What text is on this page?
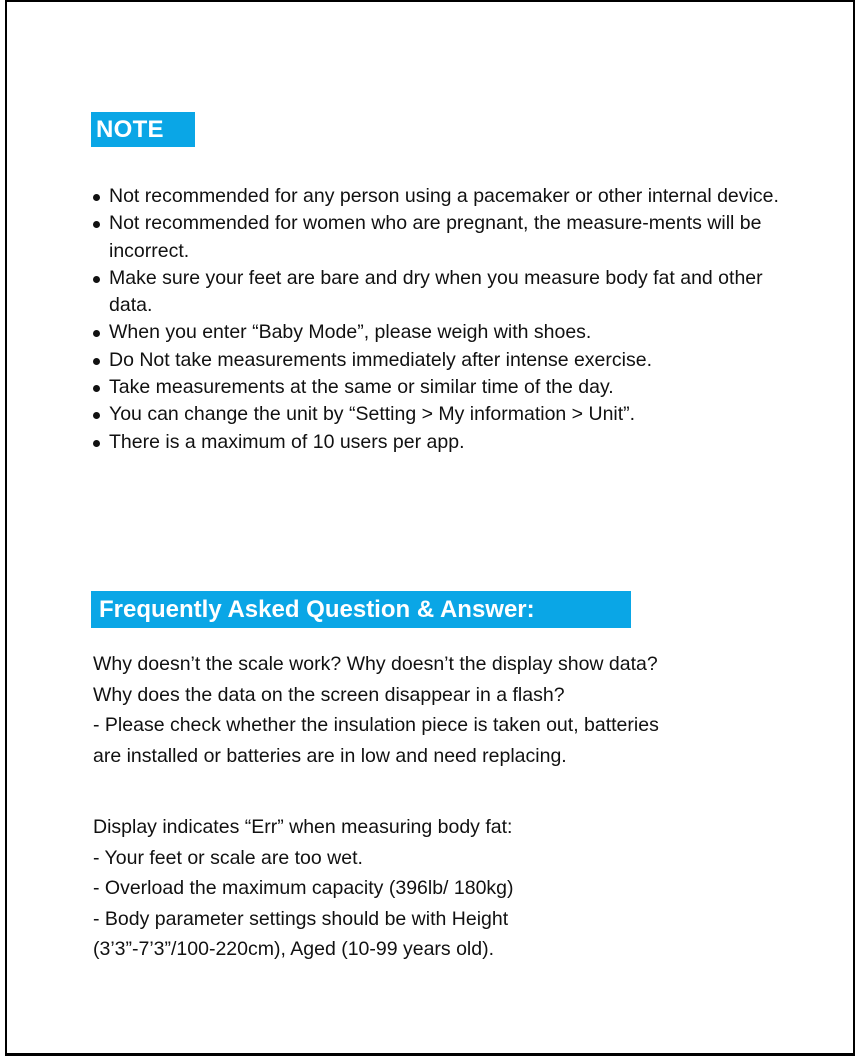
NOTE
Not recommended for any person using a pacemaker or other internal device.
Not recommended for women who are pregnant, the measure-ments will be incorrect.
Make sure your feet are bare and dry when you measure body fat and other data.
When you enter “Baby Mode”, please weigh with shoes.
Do Not take measurements immediately after intense exercise.
Take measurements at the same or similar time of the day.
You can change the unit by “Setting > My information > Unit”.
There is a maximum of 10 users per app.
Frequently Asked Question & Answer:

Why doesn’t the scale work? Why doesn’t the display show data?
Why does the data on the screen disappear in a flash?
- Please check whether the insulation piece is taken out, batteries
are installed or batteries are in low and need replacing.

Display indicates “Err” when measuring body fat:
- Your feet or scale are too wet.
- Overload the maximum capacity (396lb/ 180kg)
- Body parameter settings should be with Height
(3’3”-7’3”/100-220cm), Aged (10-99 years old).
